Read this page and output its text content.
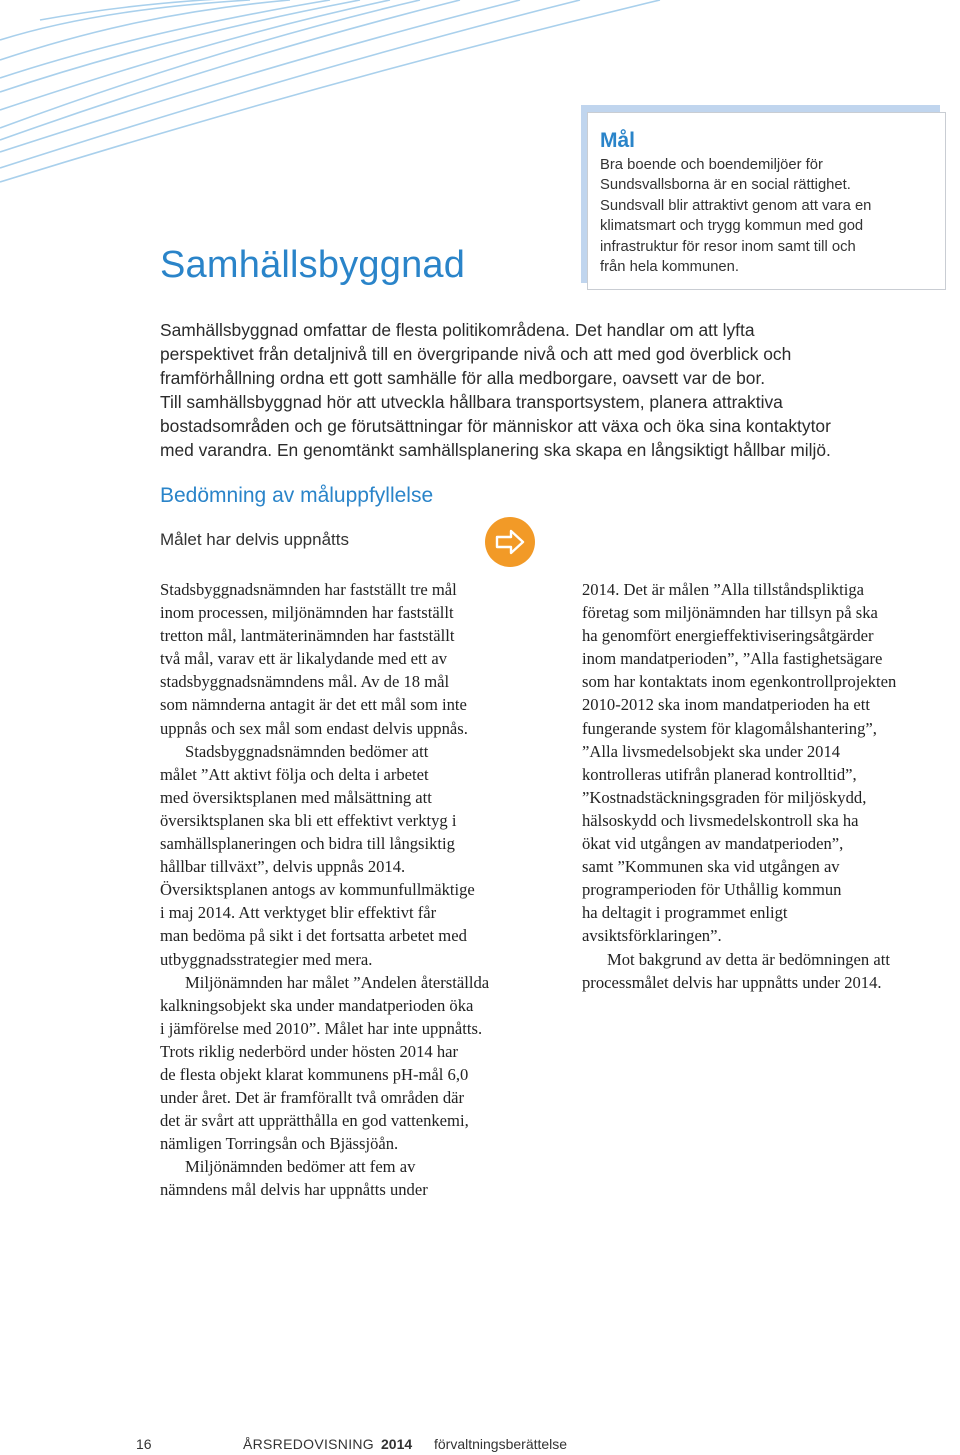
Samhällsbyggnad
Mål

Bra boende och boendemiljöer för
Sundsvallsborna är en social rättighet.
Sundsvall blir attraktivt genom att vara en
klimatsmart och trygg kommun med god
infrastruktur för resor inom samt till och
från hela kommunen.

Samhällsbyggnad omfattar de flesta politikområdena. Det handlar om att lyfta
perspektivet från detaljnivå till en övergripande nivå och att med god överblick och
framförhållning ordna ett gott samhälle för alla medborgare, oavsett var de bor.
Till samhällsbyggnad hör att utveckla hållbara transportsystem, planera attraktiva
bostadsområden och ge förutsättningar för människor att växa och öka sina kontaktytor
med varandra. En genomtänkt samhällsplanering ska skapa en långsiktigt hållbar miljö.

Bedömning av måluppfyllelse

Målet har delvis uppnåtts

Stadsbyggnadsnämnden har fastställt tre mål

inom processen, miljönämnden har fastställt

tretton mål, lantmäterinämnden har fastställt

två mål, varav ett är likalydande med ett av

stadsbyggnadsnämndens mål. Av de 18 mål

som nämnderna antagit är det ett mål som inte

uppnås och sex mål som endast delvis uppnås.

Stadsbyggnadsnämnden bedömer att

målet ”Att aktivt följa och delta i arbetet

med översiktsplanen med målsättning att

översiktsplanen ska bli ett effektivt verktyg i

samhällsplaneringen och bidra till långsiktig

hållbar tillväxt”, delvis uppnås 2014.

Översiktsplanen antogs av kommunfullmäktige

i maj 2014. Att verktyget blir effektivt får

man bedöma på sikt i det fortsatta arbetet med

utbyggnadsstrategier med mera.

Miljönämnden har målet ”Andelen återställda

kalkningsobjekt ska under mandatperioden öka

i jämförelse med 2010”. Målet har inte uppnåtts.

Trots riklig nederbörd under hösten 2014 har

de flesta objekt klarat kommunens pH-mål 6,0

under året. Det är framförallt två områden där

det är svårt att upprätthålla en god vattenkemi,

nämligen Torringsån och Bjässjöån.

Miljönämnden bedömer att fem av

nämndens mål delvis har uppnåtts under

2014. Det är målen ”Alla tillståndspliktiga

företag som miljönämnden har tillsyn på ska

ha genomfört energieffektiviseringsåtgärder

inom mandatperioden”, ”Alla fastighetsägare

som har kontaktats inom egenkontrollprojekten

2010-2012 ska inom mandatperioden ha ett

fungerande system för klagomålshantering”,

”Alla livsmedelsobjekt ska under 2014

kontrolleras utifrån planerad kontrolltid”,

”Kostnadstäckningsgraden för miljöskydd,

hälsoskydd och livsmedelskontroll ska ha

ökat vid utgången av mandatperioden”,

samt ”Kommunen ska vid utgången av

programperioden för Uthållig kommun

ha deltagit i programmet enligt

avsiktsförklaringen”.

Mot bakgrund av detta är bedömningen att

processmålet delvis har uppnåtts under 2014.

16	ÅRSREDOVISNING 2014 förvaltningsberättelse
